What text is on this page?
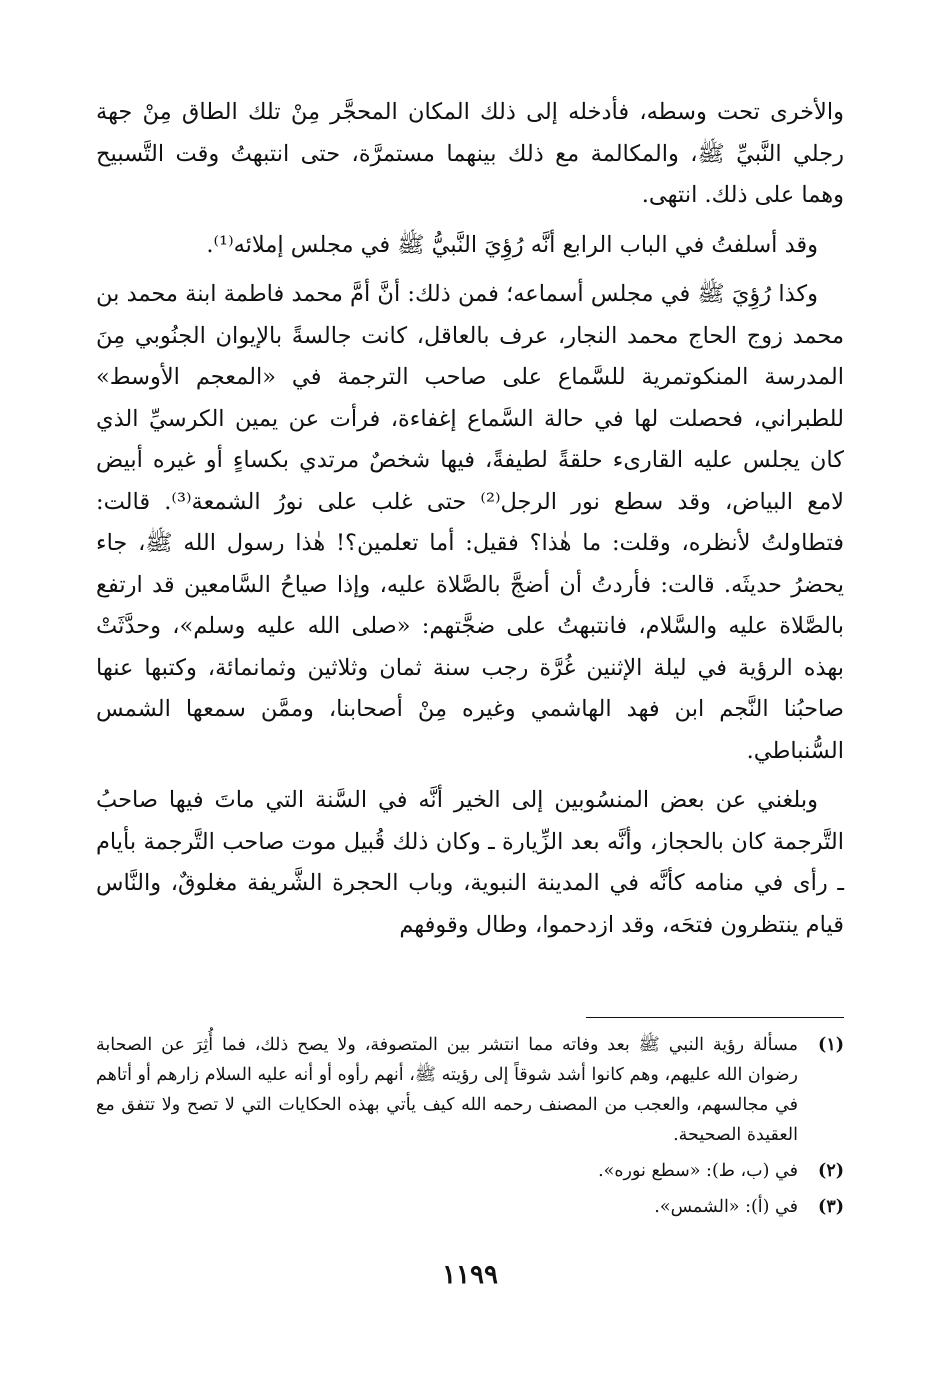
والأخرى تحت وسطه، فأدخله إلى ذلك المكان المحجَّر مِنْ تلك الطاق مِنْ جهة رجلي النَّبيِّ ﷺ، والمكالمة مع ذلك بينهما مستمرَّة، حتى انتبهتُ وقت التَّسبيح وهما على ذلك. انتهى.

وقد أسلفتُ في الباب الرابع أنَّه رُؤِيَ النَّبيُّ ﷺ في مجلس إملائه⁽¹⁾.

وكذا رُؤِيَ ﷺ في مجلس أسماعه؛ فمن ذلك: أنَّ أمَّ محمد فاطمة ابنة محمد بن محمد زوج الحاج محمد النجار، عرف بالعاقل، كانت جالسةً بالإيوان الجنُوبي مِنَ المدرسة المنكوتمرية للسَّماع على صاحب الترجمة في «المعجم الأوسط» للطبراني، فحصلت لها في حالة السَّماع إغفاءة، فرأت عن يمين الكرسيِّ الذي كان يجلس عليه القارىء حلقةً لطيفةً، فيها شخصٌ مرتدي بكساءٍ أو غيره أبيض لامع البياض، وقد سطع نور الرجل⁽²⁾ حتى غلب على نورُ الشمعة⁽³⁾. قالت: فتطاولتُ لأنظره، وقلت: ما هٰذا؟ فقيل: أما تعلمين؟! هٰذا رسول الله ﷺ، جاء يحضرُ حديثَه. قالت: فأردتُ أن أضجَّ بالصَّلاة عليه، وإذا صياحُ السَّامعين قد ارتفع بالصَّلاة عليه والسَّلام، فانتبهتُ على ضجَّتهم: «صلى الله عليه وسلم»، وحدَّثَتْ بهذه الرؤية في ليلة الإثنين غُرَّة رجب سنة ثمان وثلاثين وثمانمائة، وكتبها عنها صاحبُنا النَّجم ابن فهد الهاشمي وغيره مِنْ أصحابنا، وممَّن سمعها الشمس السُّنباطي.

وبلغني عن بعض المنسُوبين إلى الخير أنَّه في السَّنة التي ماتَ فيها صاحبُ التَّرجمة كان بالحجاز، وأنَّه بعد الزِّيارة ـ وكان ذلك قُبيل موت صاحب التَّرجمة بأيام ـ رأى في منامه كأنَّه في المدينة النبوية، وباب الحجرة الشَّريفة مغلوقٌ، والنَّاس قيام ينتظرون فتحَه، وقد ازدحموا، وطال وقوفهم

(١)
مسألة رؤية النبي ﷺ بعد وفاته مما انتشر بين المتصوفة، ولا يصح ذلك، فما أُثِرَ عن الصحابة رضوان الله عليهم، وهم كانوا أشد شوقاً إلى رؤيته ﷺ، أنهم رأوه أو أنه عليه السلام زارهم أو أتاهم في مجالسهم، والعجب من المصنف رحمه الله كيف يأتي بهذه الحكايات التي لا تصح ولا تتفق مع العقيدة الصحيحة.
(٢)
في (ب، ط): «سطع نوره».
(٣)
في (أ): «الشمس».
١١٩٩
